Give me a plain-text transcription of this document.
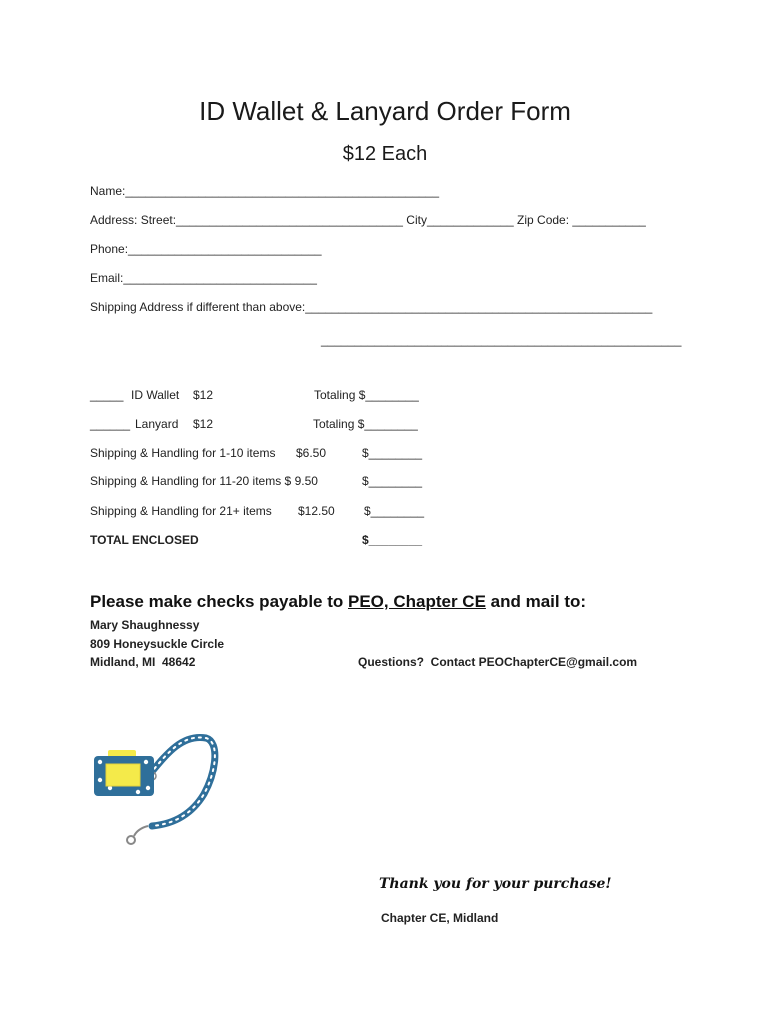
ID Wallet & Lanyard Order Form
$12 Each
Name:_______________________________________________
Address: Street:__________________________________ City_____________ Zip Code: ___________
Phone:_____________________________
Email:_____________________________
Shipping Address if different than above:____________________________________________________
______________________________________________________
_____ ID Wallet $12	Totaling $________
______ Lanyard $12	Totaling $________
Shipping & Handling for 1-10 items $6.50	$________
Shipping & Handling for 11-20 items $ 9.50	$________
Shipping & Handling for 21+ items $12.50 $________
TOTAL ENCLOSED	$________
Please make checks payable to PEO, Chapter CE and mail to:
Mary Shaughnessy
809 Honeysuckle Circle
Midland, MI  48642	Questions?  Contact PEOChapterCE@gmail.com
Thank you for your purchase!
Chapter CE, Midland
